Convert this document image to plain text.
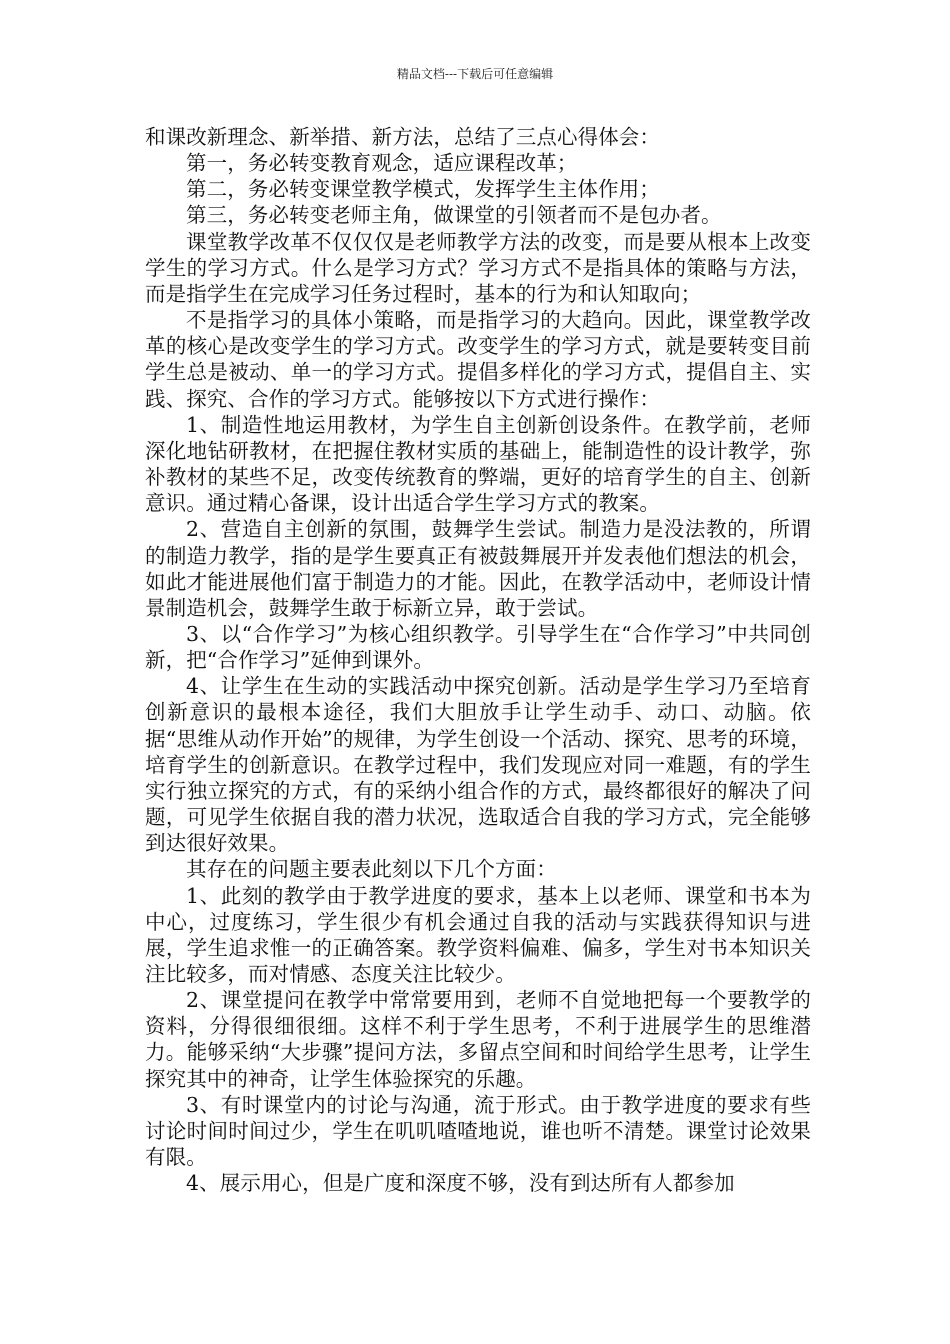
精品文档---下载后可任意编辑

和课改新理念、新举措、新方法，总结了三点心得体会：

第一，务必转变教育观念，适应课程改革；

第二，务必转变课堂教学模式，发挥学生主体作用；

第三，务必转变老师主角，做课堂的引领者而不是包办者。

课堂教学改革不仅仅仅是老师教学方法的改变，而是要从根本上改变学生的学习方式。什么是学习方式？学习方式不是指具体的策略与方法，而是指学生在完成学习任务过程时，基本的行为和认知取向；

不是指学习的具体小策略，而是指学习的大趋向。因此，课堂教学改革的核心是改变学生的学习方式。改变学生的学习方式，就是要转变目前学生总是被动、单一的学习方式。提倡多样化的学习方式，提倡自主、实践、探究、合作的学习方式。能够按以下方式进行操作：

1、制造性地运用教材，为学生自主创新创设条件。在教学前，老师深化地钻研教材，在把握住教材实质的基础上，能制造性的设计教学，弥补教材的某些不足，改变传统教育的弊端，更好的培育学生的自主、创新意识。通过精心备课，设计出适合学生学习方式的教案。

2、营造自主创新的氛围，鼓舞学生尝试。制造力是没法教的，所谓的制造力教学，指的是学生要真正有被鼓舞展开并发表他们想法的机会，如此才能进展他们富于制造力的才能。因此，在教学活动中，老师设计情景制造机会，鼓舞学生敢于标新立异，敢于尝试。

3、以“合作学习”为核心组织教学。引导学生在“合作学习”中共同创新，把“合作学习”延伸到课外。

4、让学生在生动的实践活动中探究创新。活动是学生学习乃至培育创新意识的最根本途径，我们大胆放手让学生动手、动口、动脑。依据“思维从动作开始”的规律，为学生创设一个活动、探究、思考的环境，培育学生的创新意识。在教学过程中，我们发现应对同一难题，有的学生实行独立探究的方式，有的采纳小组合作的方式，最终都很好的解决了问题，可见学生依据自我的潜力状况，选取适合自我的学习方式，完全能够到达很好效果。

其存在的问题主要表此刻以下几个方面：

1、此刻的教学由于教学进度的要求，基本上以老师、课堂和书本为中心，过度练习，学生很少有机会通过自我的活动与实践获得知识与进展，学生追求惟一的正确答案。教学资料偏难、偏多，学生对书本知识关注比较多，而对情感、态度关注比较少。

2、课堂提问在教学中常常要用到，老师不自觉地把每一个要教学的资料，分得很细很细。这样不利于学生思考，不利于进展学生的思维潜力。能够采纳“大步骤”提问方法，多留点空间和时间给学生思考，让学生探究其中的神奇，让学生体验探究的乐趣。

3、有时课堂内的讨论与沟通，流于形式。由于教学进度的要求有些讨论时间时间过少，学生在叽叽喳喳地说，谁也听不清楚。课堂讨论效果有限。

4、展示用心，但是广度和深度不够，没有到达所有人都参加
